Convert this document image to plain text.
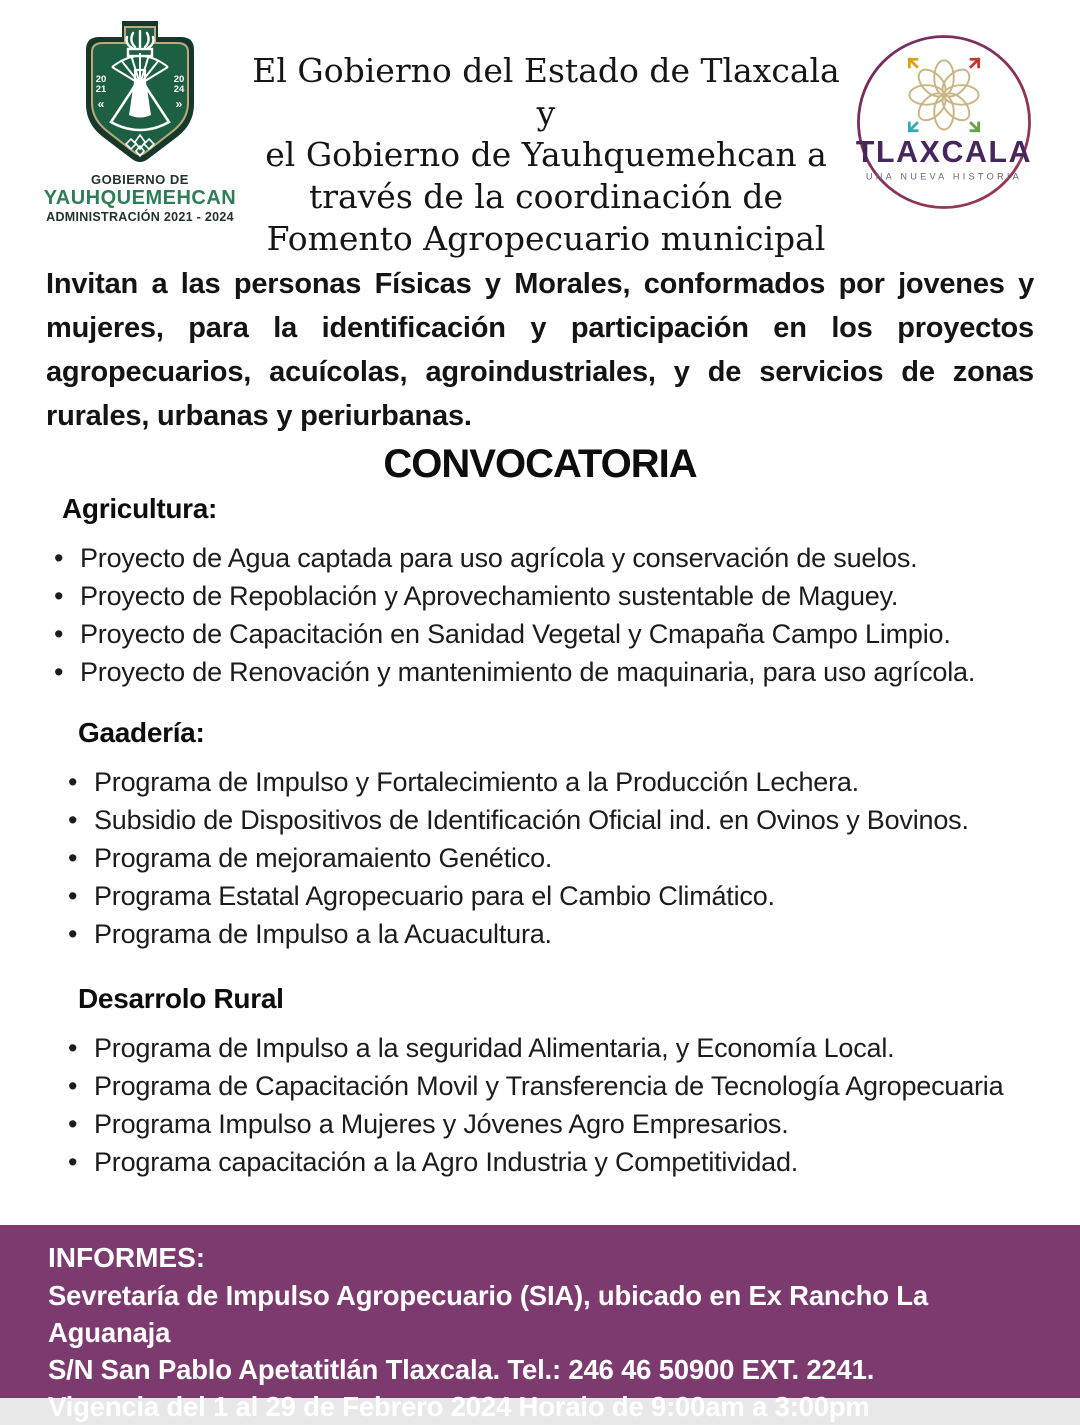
20
21
20
24
«	»
GOBIERNO DE
YAUHQUEMEHCAN
ADMINISTRACIÓN 2021 - 2024
El Gobierno del Estado de Tlaxcala y
el Gobierno de Yauhquemehcan a
través de la coordinación de
Fomento Agropecuario municipal
TLAXCALA
UNA NUEVA HISTORIA

Invitan a las personas Físicas y Morales, conformados por jovenes y mujeres, para la identificación y participación en los proyectos agropecuarios, acuícolas, agroindustriales, y de servicios de zonas rurales, urbanas y periurbanas.

CONVOCATORIA
Agricultura:
• Proyecto de Agua captada para uso agrícola y conservación de suelos.
• Proyecto de Repoblación y Aprovechamiento sustentable de Maguey.
• Proyecto de Capacitación en Sanidad Vegetal y Cmapaña Campo Limpio.
• Proyecto de Renovación y mantenimiento de maquinaria, para uso agrícola.
Gaadería:
• Programa de Impulso y Fortalecimiento a la Producción Lechera.
• Subsidio de Dispositivos de Identificación Oficial ind. en Ovinos y Bovinos.
• Programa de mejoramaiento Genético.
• Programa Estatal Agropecuario para el Cambio Climático.
• Programa de Impulso a la Acuacultura.
Desarrolo Rural
• Programa de Impulso a la seguridad Alimentaria, y Economía Local.
• Programa de Capacitación Movil y Transferencia de Tecnología Agropecuaria
• Programa Impulso a Mujeres y Jóvenes Agro Empresarios.
• Programa capacitación a la Agro Industria y Competitividad.
INFORMES:
Sevretaría de Impulso Agropecuario (SIA), ubicado en Ex Rancho La Aguanaja
S/N San Pablo Apetatitlán Tlaxcala. Tel.: 246 46 50900 EXT. 2241.
Vigencia del 1 al 29 de Febrero 2024 Horaio de 9:00am a 3:00pm
